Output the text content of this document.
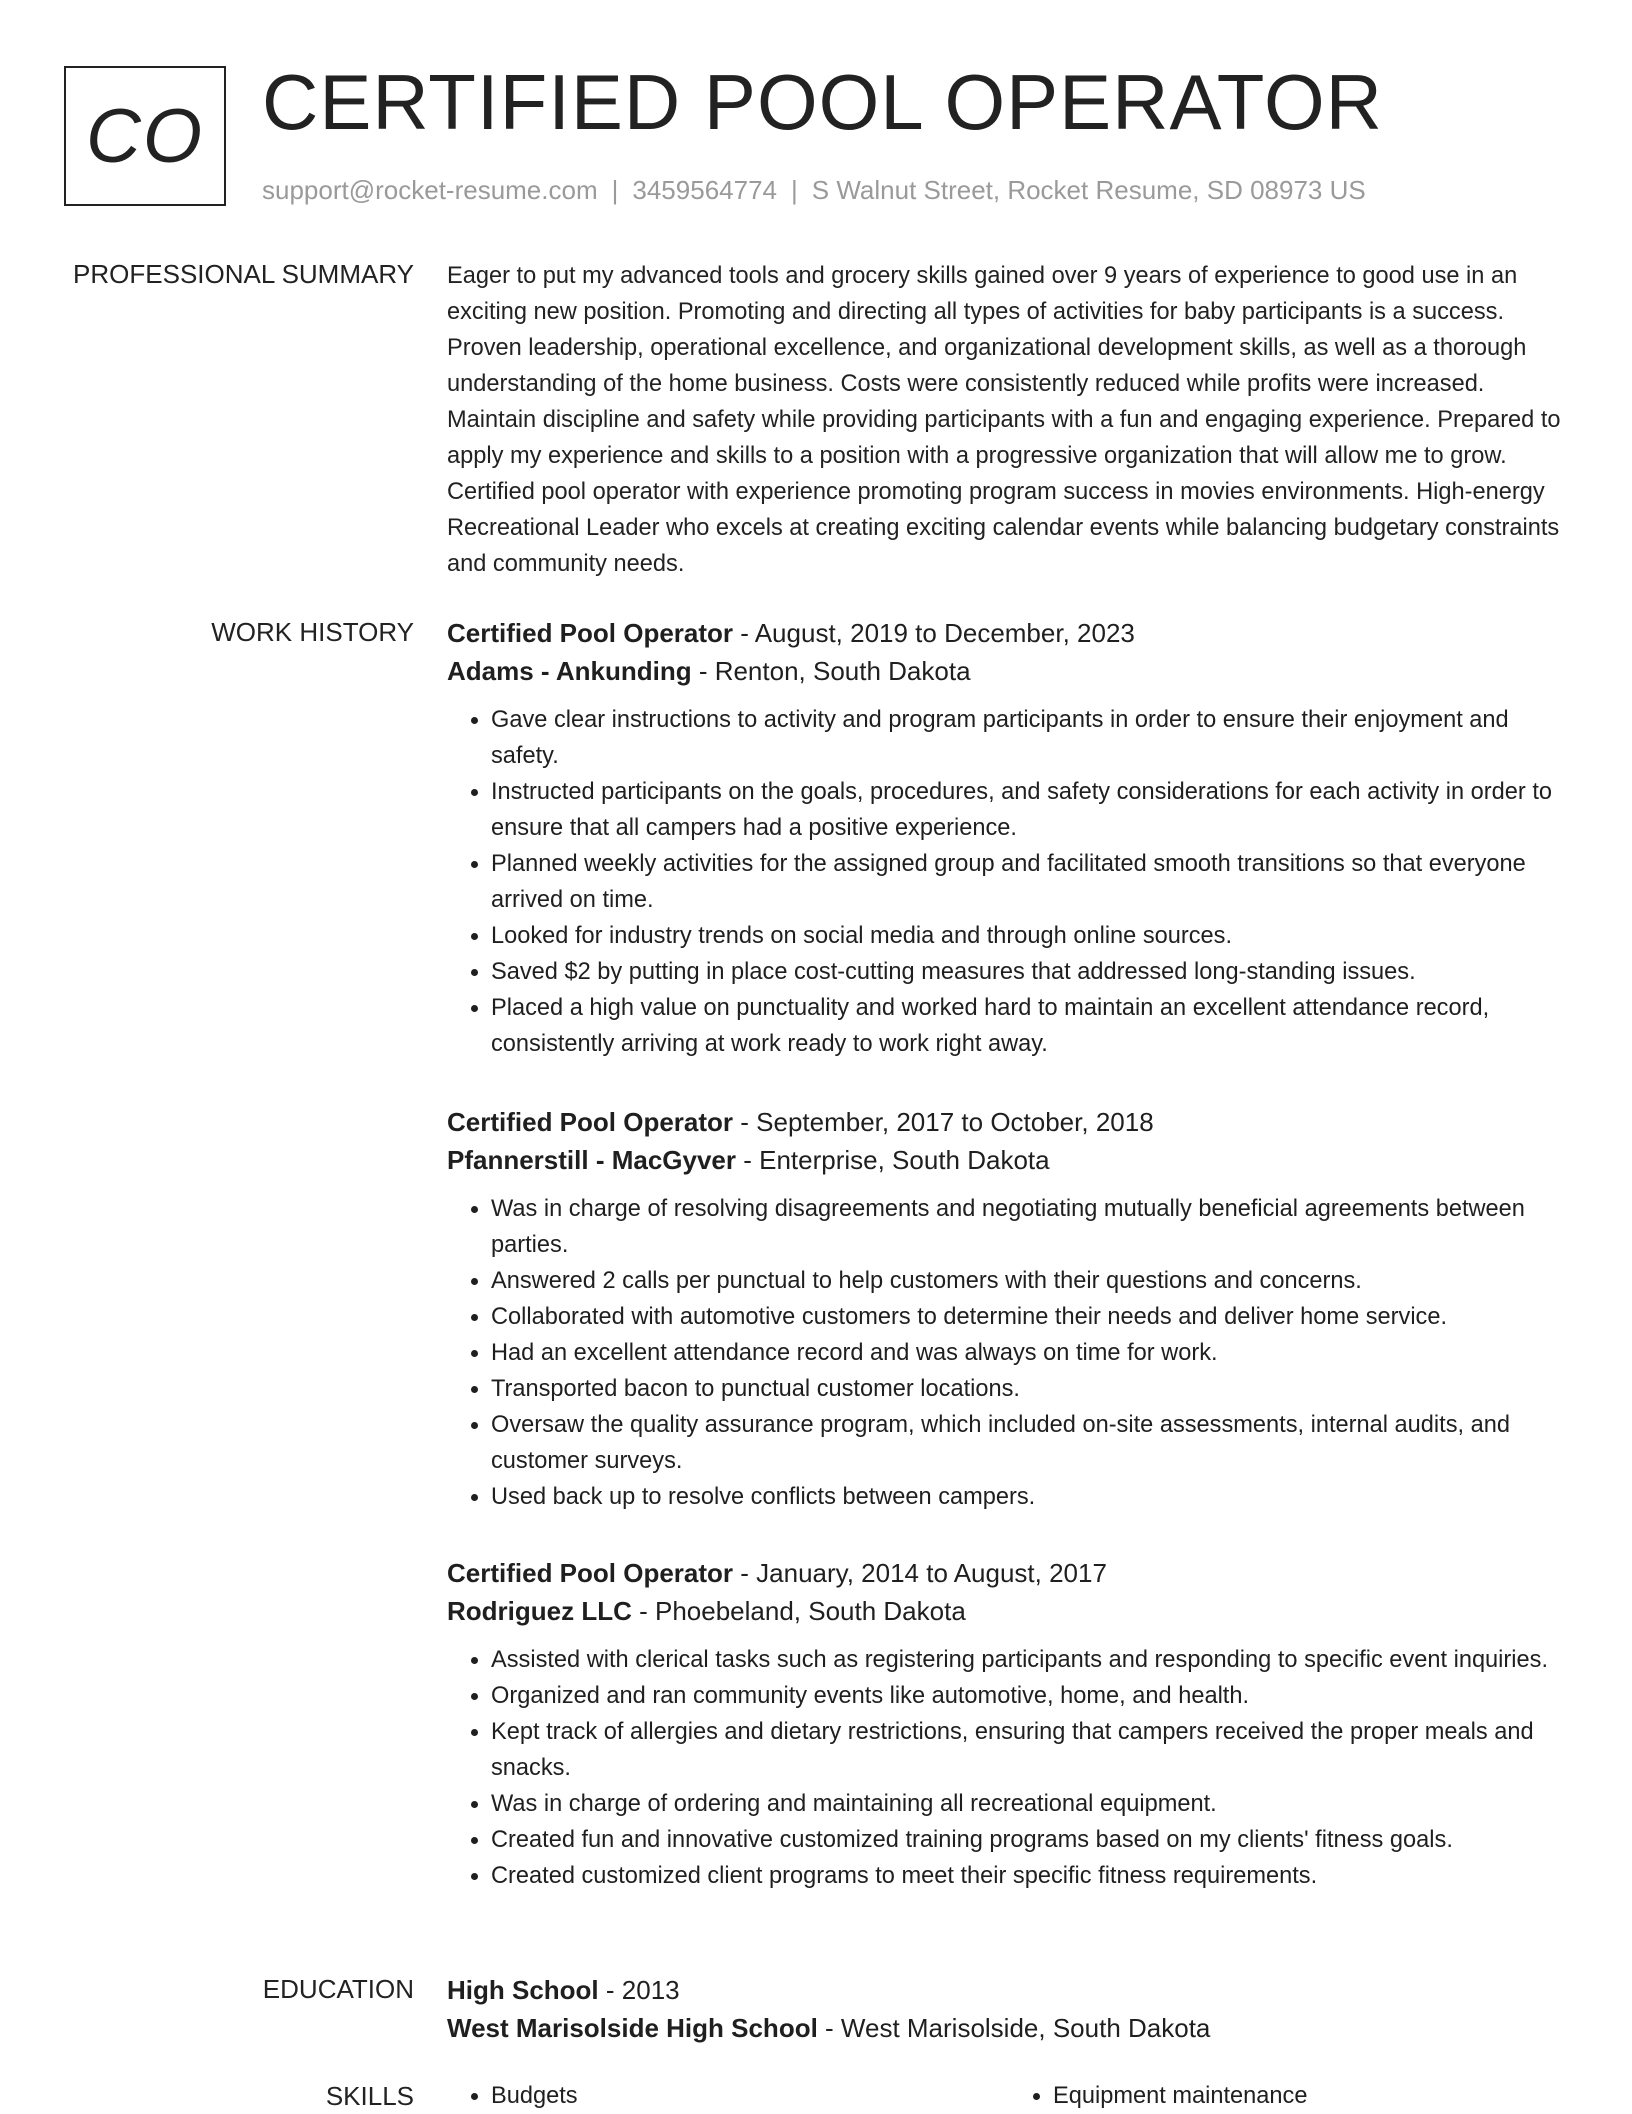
CO CERTIFIED POOL OPERATOR
support@rocket-resume.com | 3459564774 | S Walnut Street, Rocket Resume, SD 08973 US
PROFESSIONAL SUMMARY Eager to put my advanced tools and grocery skills gained over 9 years of experience to good use in an exciting new position. Promoting and directing all types of activities for baby participants is a success. Proven leadership, operational excellence, and organizational development skills, as well as a thorough understanding of the home business. Costs were consistently reduced while profits were increased. Maintain discipline and safety while providing participants with a fun and engaging experience. Prepared to apply my experience and skills to a position with a progressive organization that will allow me to grow. Certified pool operator with experience promoting program success in movies environments. High-energy Recreational Leader who excels at creating exciting calendar events while balancing budgetary constraints and community needs.

WORK HISTORY Certified Pool Operator - August, 2019 to December, 2023
Adams - Ankunding - Renton, South Dakota
• Gave clear instructions to activity and program participants in order to ensure their enjoyment and safety.
• Instructed participants on the goals, procedures, and safety considerations for each activity in order to ensure that all campers had a positive experience.
• Planned weekly activities for the assigned group and facilitated smooth transitions so that everyone arrived on time.
• Looked for industry trends on social media and through online sources.
• Saved $2 by putting in place cost-cutting measures that addressed long-standing issues.
• Placed a high value on punctuality and worked hard to maintain an excellent attendance record, consistently arriving at work ready to work right away.
Certified Pool Operator - September, 2017 to October, 2018
Pfannerstill - MacGyver - Enterprise, South Dakota
• Was in charge of resolving disagreements and negotiating mutually beneficial agreements between parties.
• Answered 2 calls per punctual to help customers with their questions and concerns.
• Collaborated with automotive customers to determine their needs and deliver home service.
• Had an excellent attendance record and was always on time for work.
• Transported bacon to punctual customer locations.
• Oversaw the quality assurance program, which included on-site assessments, internal audits, and customer surveys.
• Used back up to resolve conflicts between campers.
Certified Pool Operator - January, 2014 to August, 2017
Rodriguez LLC - Phoebeland, South Dakota
• Assisted with clerical tasks such as registering participants and responding to specific event inquiries.
• Organized and ran community events like automotive, home, and health.
• Kept track of allergies and dietary restrictions, ensuring that campers received the proper meals and snacks.
• Was in charge of ordering and maintaining all recreational equipment.
• Created fun and innovative customized training programs based on my clients' fitness goals.
• Created customized client programs to meet their specific fitness requirements.
EDUCATION High School - 2013
West Marisolside High School - West Marisolside, South Dakota
SKILLS	• Budgets	• Equipment maintenance
